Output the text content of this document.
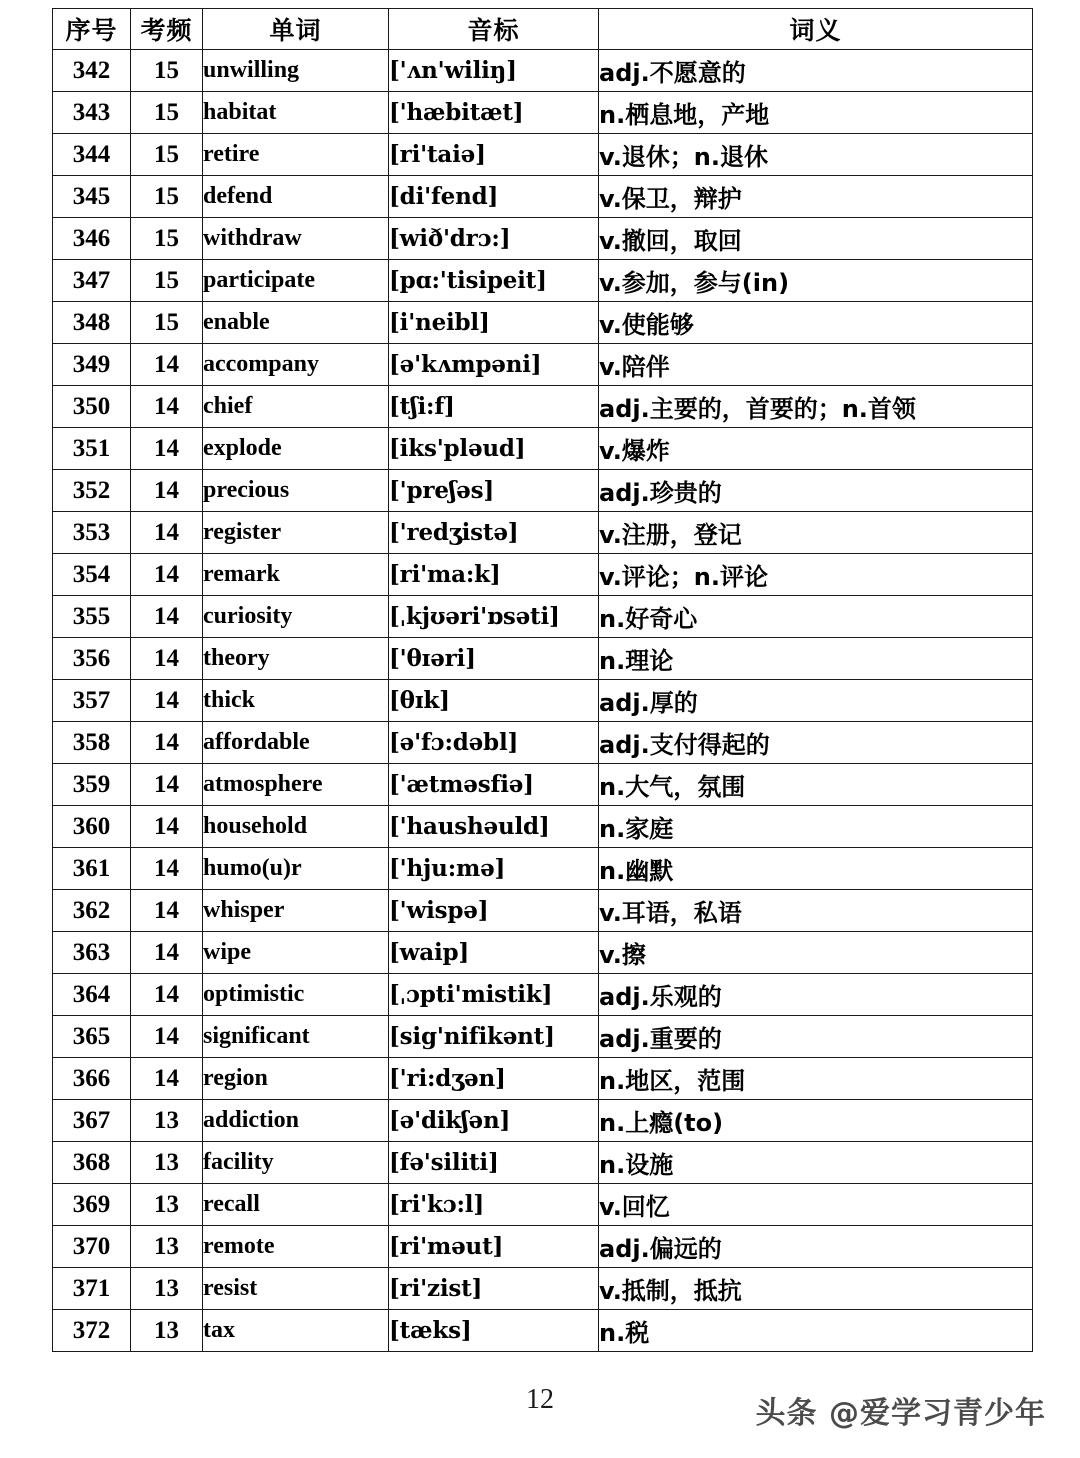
序号	考频	单词	音标	词义
342	15	unwilling	['ʌn'wiliŋ]	adj.不愿意的
343	15	habitat	['hæbitæt]	n.栖息地，产地
344	15	retire	[ri'taiə]	v.退休；n.退休
345	15	defend	[di'fend]	v.保卫，辩护
346	15	withdraw	[wið'drɔ:]	v.撤回，取回
347	15	participate	[pɑ:'tisipeit]	v.参加，参与(in)
348	15	enable	[i'neibl]	v.使能够
349	14	accompany	[ə'kʌmpəni]	v.陪伴
350	14	chief	[tʃi:f]	adj.主要的，首要的；n.首领
351	14	explode	[iks'pləud]	v.爆炸
352	14	precious	['preʃəs]	adj.珍贵的
353	14	register	['redʒistə]	v.注册，登记
354	14	remark	[ri'ma:k]	v.评论；n.评论
355	14	curiosity	[ˌkjʊəri'ɒsəti]	n.好奇心
356	14	theory	['θɪəri]	n.理论
357	14	thick	[θɪk]	adj.厚的
358	14	affordable	[ə'fɔ:dəbl]	adj.支付得起的
359	14	atmosphere	['ætməsfiə]	n.大气，氛围
360	14	household	['haushəuld]	n.家庭
361	14	humo(u)r	['hju:mə]	n.幽默
362	14	whisper	['wispə]	v.耳语，私语
363	14	wipe	[waip]	v.擦
364	14	optimistic	[ˌɔpti'mistik]	adj.乐观的
365	14	significant	[sig'nifikənt]	adj.重要的
366	14	region	['ri:dʒən]	n.地区，范围
367	13	addiction	[ə'dikʃən]	n.上瘾(to)
368	13	facility	[fə'siliti]	n.设施
369	13	recall	[ri'kɔ:l]	v.回忆
370	13	remote	[ri'məut]	adj.偏远的
371	13	resist	[ri'zist]	v.抵制，抵抗
372	13	tax	[tæks]	n.税
12	头条 @爱学习青少年
